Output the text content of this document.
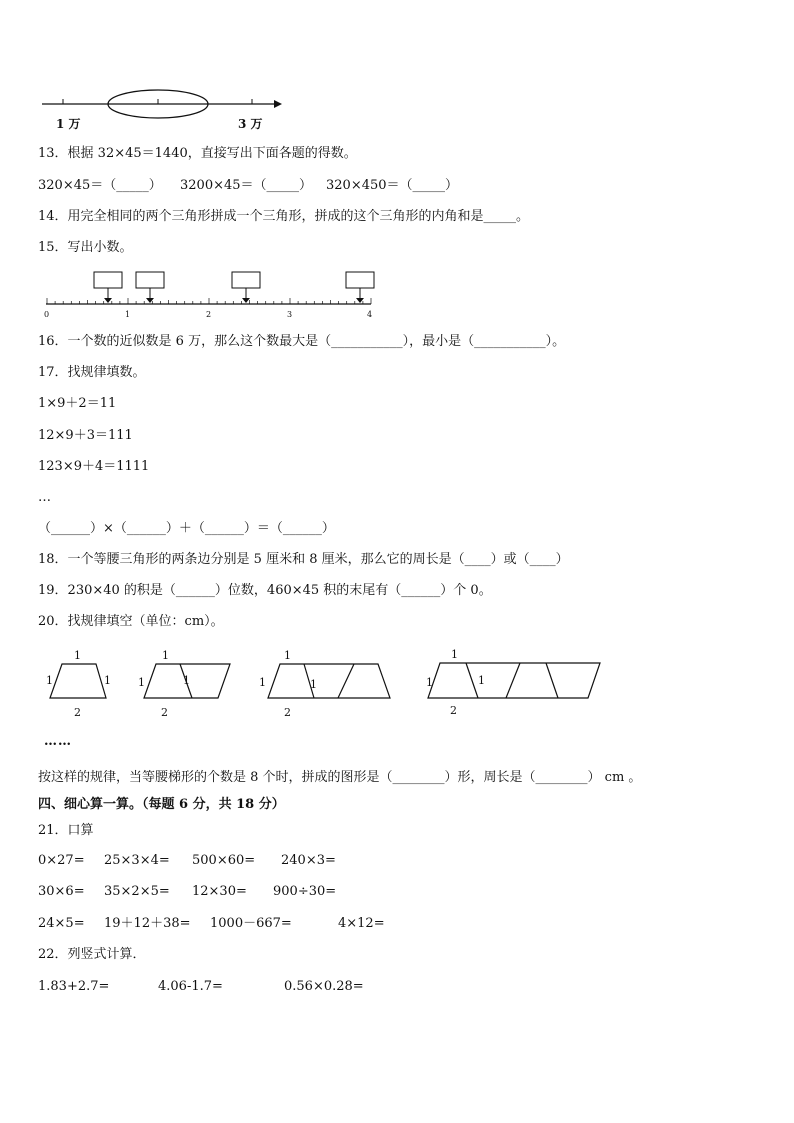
1 万	3 万
13．根据 32×45＝1440，直接写出下面各题的得数。
320×45＝（_____） 3200×45＝（_____） 320×450＝（_____）
14．用完全相同的两个三角形拼成一个三角形，拼成的这个三角形的内角和是_____。
15．写出小数。
0	1	2	3	4
16．一个数的近似数是 6 万，那么这个数最大是（___________），最小是（___________）。
17．找规律填数。
1×9＋2＝11
12×9＋3＝111
123×9＋4＝1111
…
（______）×（______）＋（______）＝（______）
18．一个等腰三角形的两条边分别是 5 厘米和 8 厘米，那么它的周长是（____）或（____）
19．230×40 的积是（______）位数，460×45 积的末尾有（______）个 0。
20．找规律填空（单位：cm）。
1
1	1
2
1
1	1
2
1
1	1
2
1
1	1
2
……
按这样的规律，当等腰梯形的个数是 8 个时，拼成的图形是（________）形，周长是（________） cm 。
四、细心算一算。（每题 6 分，共 18 分）
21．口算
0×27= 25×3×4= 500×60= 240×3=
30×6= 35×2×5= 12×30= 900÷30=
24×5= 19＋12＋38= 1000－667=	4×12=
22．列竖式计算．
1.83+2.7=	4.06-1.7=	0.56×0.28=
